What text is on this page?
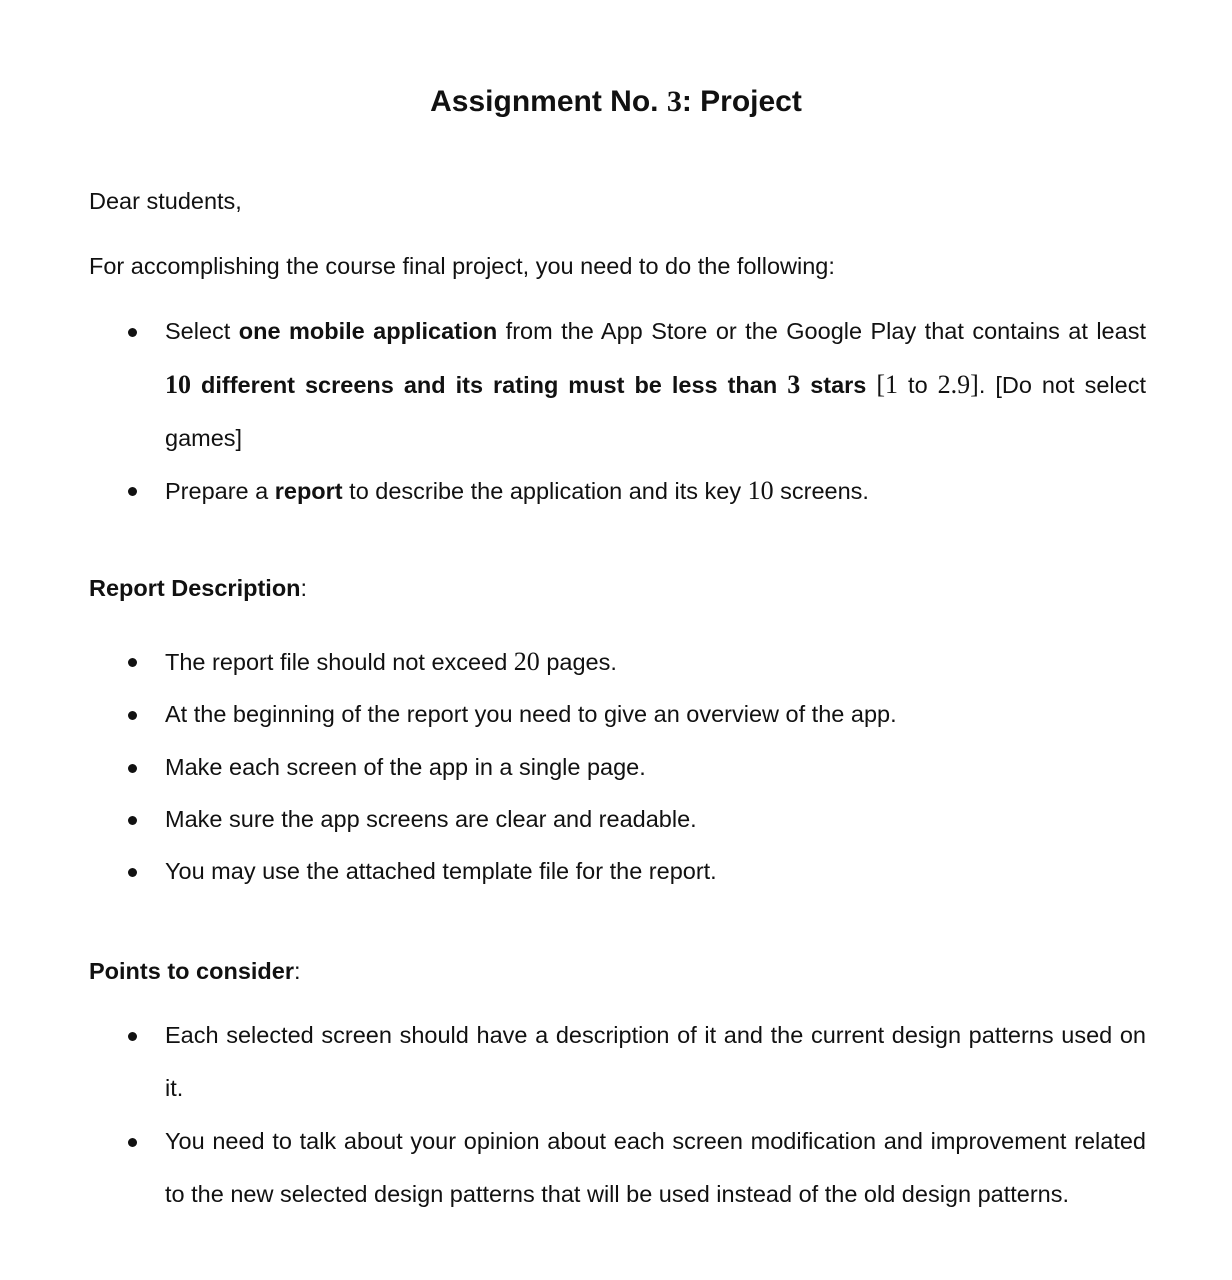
Assignment No. 3: Project
Dear students,
For accomplishing the course final project, you need to do the following:
Select one mobile application from the App Store or the Google Play that contains at least 10 different screens and its rating must be less than 3 stars [1 to 2.9]. [Do not select games]
Prepare a report to describe the application and its key 10 screens.
Report Description:
The report file should not exceed 20 pages.
At the beginning of the report you need to give an overview of the app.
Make each screen of the app in a single page.
Make sure the app screens are clear and readable.
You may use the attached template file for the report.
Points to consider:
Each selected screen should have a description of it and the current design patterns used on it.
You need to talk about your opinion about each screen modification and improvement related to the new selected design patterns that will be used instead of the old design patterns.
